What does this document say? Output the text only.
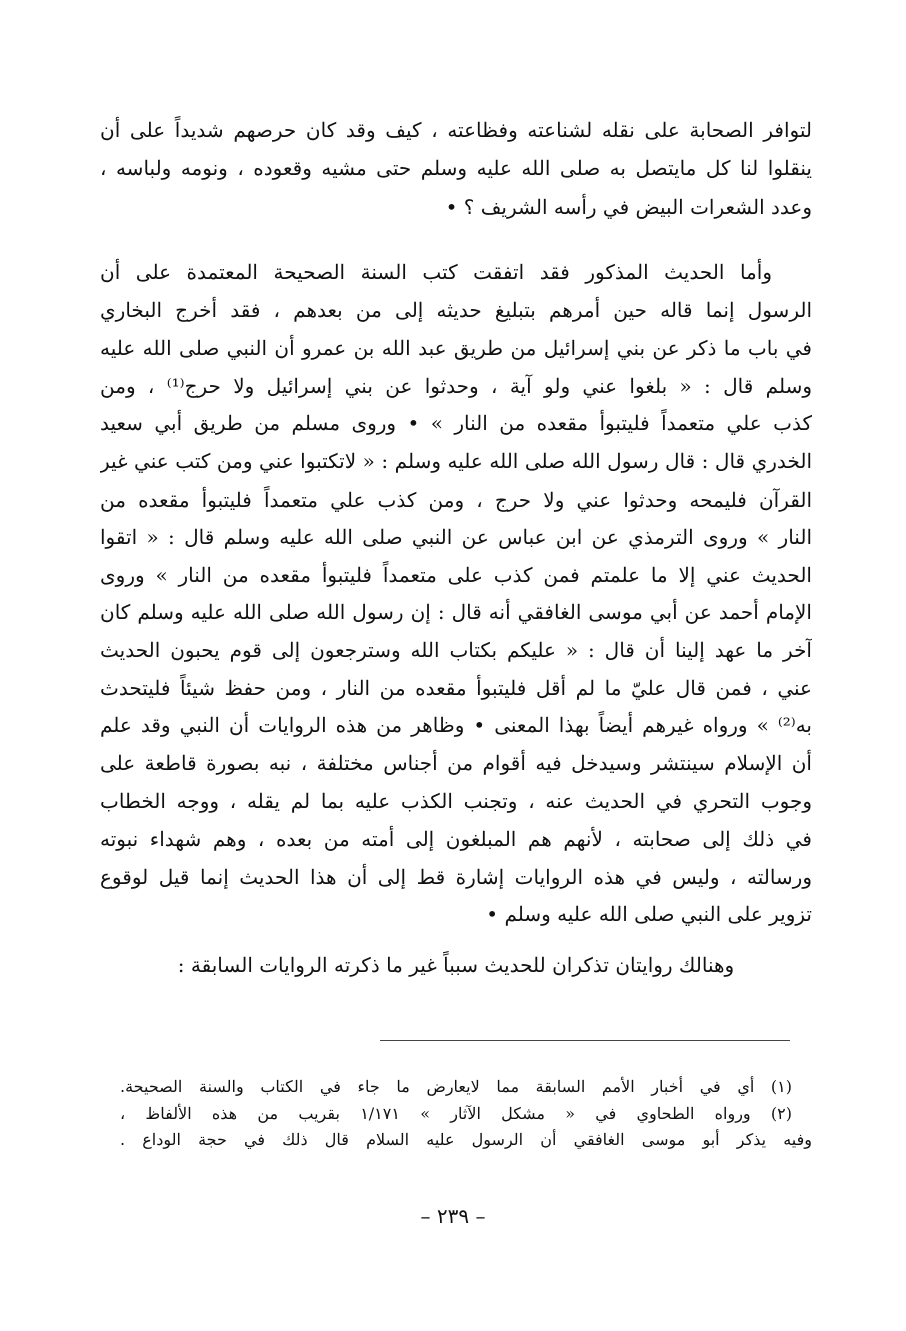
لتوافر الصحابة على نقله لشناعته وفظاعته ، كيف وقد كان حرصهم شديداً على أن
ينقلوا لنا كل مايتصل به صلى الله عليه وسلم حتى مشيه وقعوده ، ونومه ولباسه ،
وعدد الشعرات البيض في رأسه الشريف ؟ •
وأما الحديث المذكور فقد اتفقت كتب السنة الصحيحة المعتمدة على أن
الرسول إنما قاله حين أمرهم بتبليغ حديثه إلى من بعدهم ، فقد أخرج البخاري
في باب ما ذكر عن بني إسرائيل من طريق عبد الله بن عمرو أن النبي صلى الله عليه
وسلم قال : « بلغوا عني ولو آية ، وحدثوا عن بني إسرائيل ولا حرج⁽¹⁾ ، ومن
كذب علي متعمداً فليتبوأ مقعده من النار » • وروى مسلم من طريق أبي سعيد
الخدري قال : قال رسول الله صلى الله عليه وسلم : « لاتكتبوا عني ومن كتب عني غير
القرآن فليمحه وحدثوا عني ولا حرج ، ومن كذب علي متعمداً فليتبوأ مقعده من
النار » وروى الترمذي عن ابن عباس عن النبي صلى الله عليه وسلم قال : « اتقوا
الحديث عني إلا ما علمتم فمن كذب على متعمداً فليتبوأ مقعده من النار » وروى
الإمام أحمد عن أبي موسى الغافقي أنه قال : إن رسول الله صلى الله عليه وسلم كان
آخر ما عهد إلينا أن قال : « عليكم بكتاب الله وسترجعون إلى قوم يحبون الحديث
عني ، فمن قال عليّ ما لم أقل فليتبوأ مقعده من النار ، ومن حفظ شيئاً فليتحدث
به⁽²⁾ » ورواه غيرهم أيضاً بهذا المعنى • وظاهر من هذه الروايات أن النبي وقد علم
أن الإسلام سينتشر وسيدخل فيه أقوام من أجناس مختلفة ، نبه بصورة قاطعة على
وجوب التحري في الحديث عنه ، وتجنب الكذب عليه بما لم يقله ، ووجه الخطاب
في ذلك إلى صحابته ، لأنهم هم المبلغون إلى أمته من بعده ، وهم شهداء نبوته
ورسالته ، وليس في هذه الروايات إشارة قط إلى أن هذا الحديث إنما قيل لوقوع
تزوير على النبي صلى الله عليه وسلم •
وهنالك روايتان تذكران للحديث سبباً غير ما ذكرته الروايات السابقة :
(١) أي في أخبار الأمم السابقة مما لايعارض ما جاء في الكتاب والسنة الصحيحة.
(٢) ورواه الطحاوي في « مشكل الآثار » ١/١٧١ بقريب من هذه الألفاظ ،
وفيه يذكر أبو موسى الغافقي أن الرسول عليه السلام قال ذلك في حجة الوداع .
– ٢٣٩ –
